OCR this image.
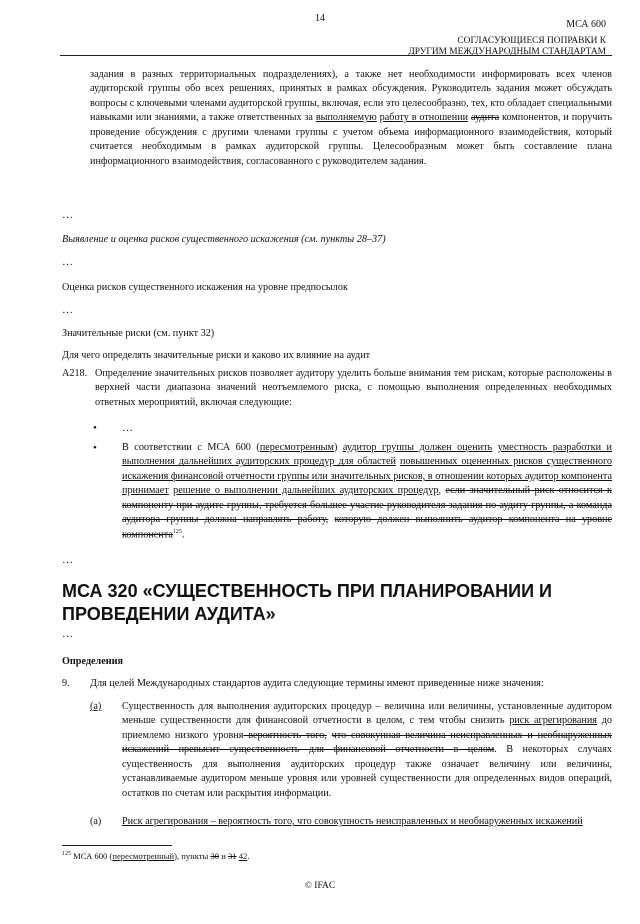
14
МСА 600
СОГЛАСУЮЩИЕСЯ ПОПРАВКИ К
ДРУГИМ МЕЖДУНАРОДНЫМ СТАНДАРТАМ
задания в разных территориальных подразделениях), а также нет необходимости информировать всех членов аудиторской группы обо всех решениях, принятых в рамках обсуждения. Руководитель задания может обсуждать вопросы с ключевыми членами аудиторской группы, включая, если это целесообразно, тех, кто обладает специальными навыками или знаниями, а также ответственных за выполняемую работу в отношении аудита компонентов, и поручить проведение обсуждения с другими членами группы с учетом объема информационного взаимодействия, который считается необходимым в рамках аудиторской группы. Целесообразным может быть составление плана информационного взаимодействия, согласованного с руководителем задания.
…
Выявление и оценка рисков существенного искажения (см. пункты 28–37)
…
Оценка рисков существенного искажения на уровне предпосылок
…
Значительные риски (см. пункт 32)
Для чего определять значительные риски и каково их влияние на аудит
A218. Определение значительных рисков позволяет аудитору уделить больше внимания тем рискам, которые расположены в верхней части диапазона значений неотъемлемого риска, с помощью выполнения определенных необходимых ответных мероприятий, включая следующие:
• …
• В соответствии с МСА 600 (пересмотренным) аудитор группы должен оценить уместность разработки и выполнения дальнейших аудиторских процедур для областей повышенных оцененных рисков существенного искажения финансовой отчетности группы или значительных рисков, в отношении которых аудитор компонента принимает решение о выполнении дальнейших аудиторских процедур, если значительный риск относится к компоненту при аудите группы, требуется большее участие руководителя задания по аудиту группы, а команда аудитора группы должна направлять работу, которую должен выполнить аудитор компонента на уровне компонента$^{125}$.
…
МСА 320 «СУЩЕСТВЕННОСТЬ ПРИ ПЛАНИРОВАНИИ И ПРОВЕДЕНИИ АУДИТА»
…
Определения
9. Для целей Международных стандартов аудита следующие термины имеют приведенные ниже значения:
(a) Существенность для выполнения аудиторских процедур – величина или величины, установленные аудитором меньше существенности для финансовой отчетности в целом, с тем чтобы снизить риск агрегирования до приемлемо низкого уровня вероятность того, что совокупная величина неисправленных и необнаруженных искажений превысит существенность для финансовой отчетности в целом. В некоторых случаях существенность для выполнения аудиторских процедур также означает величину или величины, устанавливаемые аудитором меньше уровня или уровней существенности для определенных видов операций, остатков по счетам или раскрытия информации.
(a) Риск агрегирования – вероятность того, что совокупность неисправленных и необнаруженных искажений
$^{125}$ МСА 600 (пересмотренный), пункты 30 и 31 42.
© IFAC
